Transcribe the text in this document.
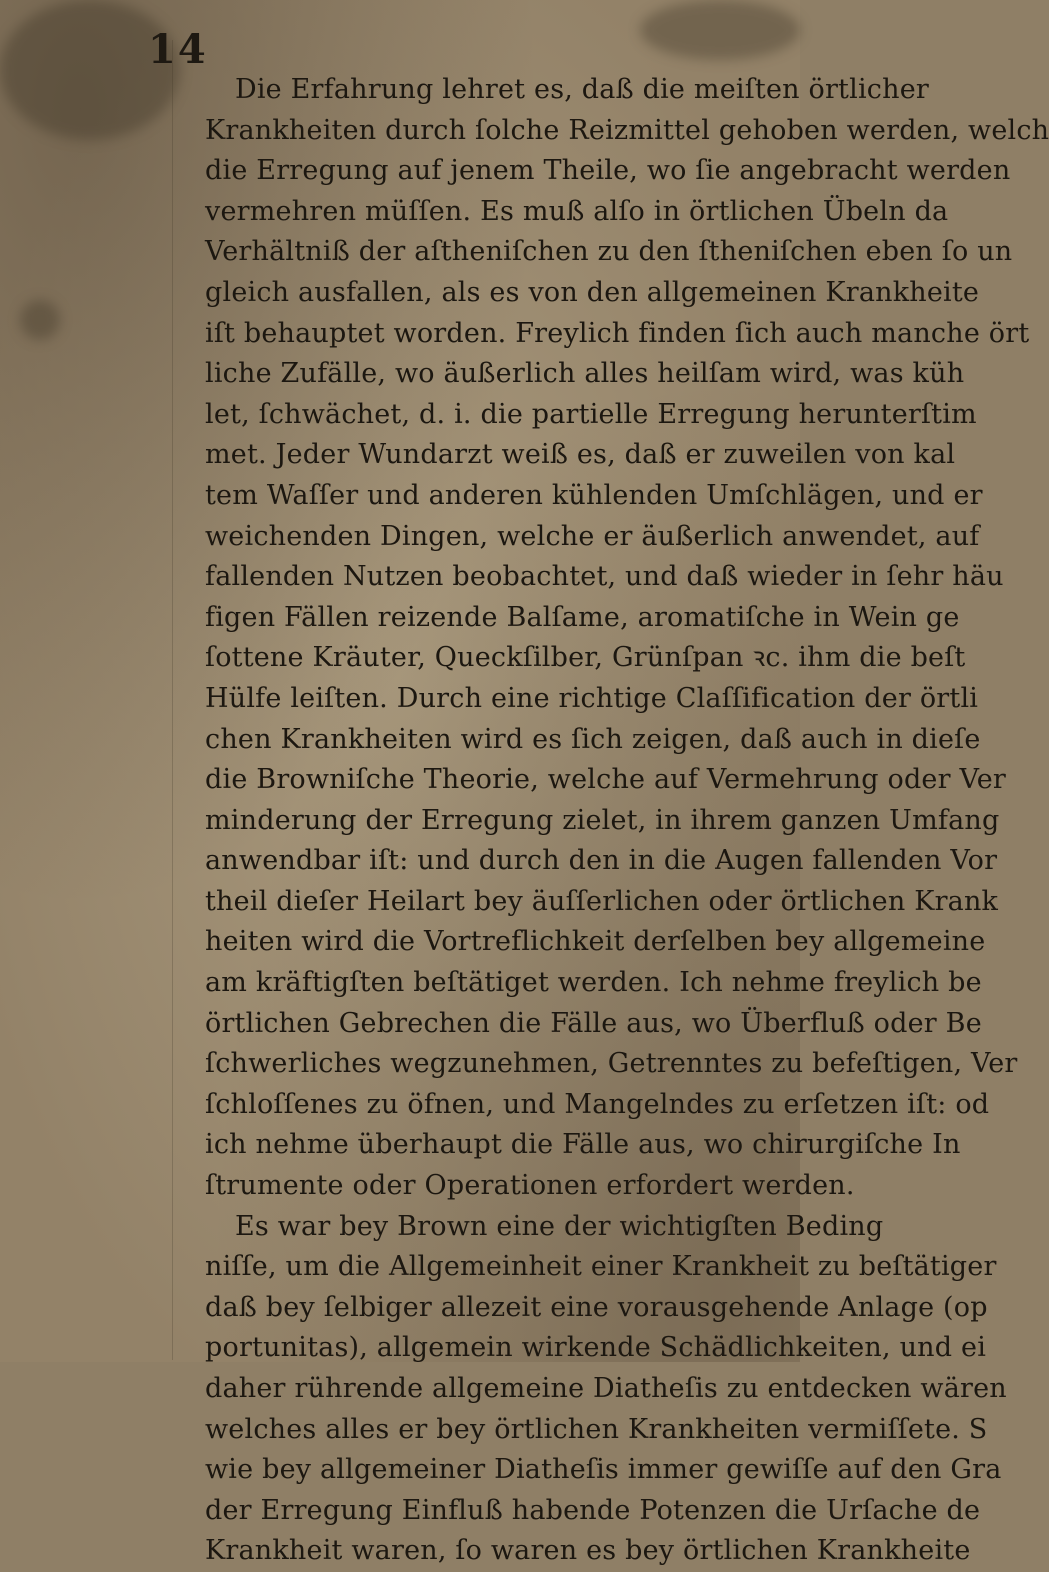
14
Die Erfahrung lehret es, daß die meiſten örtlicher
Krankheiten durch ſolche Reizmittel gehoben werden, welch
die Erregung auf jenem Theile, wo ſie angebracht werden
vermehren müſſen. Es muß alſo in örtlichen Übeln da
Verhältniß der aſtheniſchen zu den ſtheniſchen eben ſo un
gleich ausfallen, als es von den allgemeinen Krankheite
iſt behauptet worden. Freylich finden ſich auch manche ört
liche Zufälle, wo äußerlich alles heilſam wird, was küh
let, ſchwächet, d. i. die partielle Erregung herunterſtim
met. Jeder Wundarzt weiß es, daß er zuweilen von kal
tem Waſſer und anderen kühlenden Umſchlägen, und er
weichenden Dingen, welche er äußerlich anwendet, auf
fallenden Nutzen beobachtet, und daß wieder in ſehr häu
figen Fällen reizende Balſame, aromatiſche in Wein ge
ſottene Kräuter, Queckſilber, Grünſpan ꝛc. ihm die beſt
Hülfe leiſten. Durch eine richtige Claſſification der örtli
chen Krankheiten wird es ſich zeigen, daß auch in dieſe
die Browniſche Theorie, welche auf Vermehrung oder Ver
minderung der Erregung zielet, in ihrem ganzen Umfang
anwendbar iſt: und durch den in die Augen fallenden Vor
theil dieſer Heilart bey äuſſerlichen oder örtlichen Krank
heiten wird die Vortreflichkeit derſelben bey allgemeine
am kräftigſten beſtätiget werden. Ich nehme freylich be
örtlichen Gebrechen die Fälle aus, wo Überfluß oder Be
ſchwerliches wegzunehmen, Getrenntes zu befeſtigen, Ver
ſchloſſenes zu öfnen, und Mangelndes zu erſetzen iſt: od
ich nehme überhaupt die Fälle aus, wo chirurgiſche In
ſtrumente oder Operationen erfordert werden.
Es war bey Brown eine der wichtigſten Beding
niſſe, um die Allgemeinheit einer Krankheit zu beſtätiger
daß bey ſelbiger allezeit eine vorausgehende Anlage (op
portunitas), allgemein wirkende Schädlichkeiten, und ei
daher rührende allgemeine Diatheſis zu entdecken wären
welches alles er bey örtlichen Krankheiten vermiſſete. S
wie bey allgemeiner Diatheſis immer gewiſſe auf den Gra
der Erregung Einfluß habende Potenzen die Urſache de
Krankheit waren, ſo waren es bey örtlichen Krankheite
